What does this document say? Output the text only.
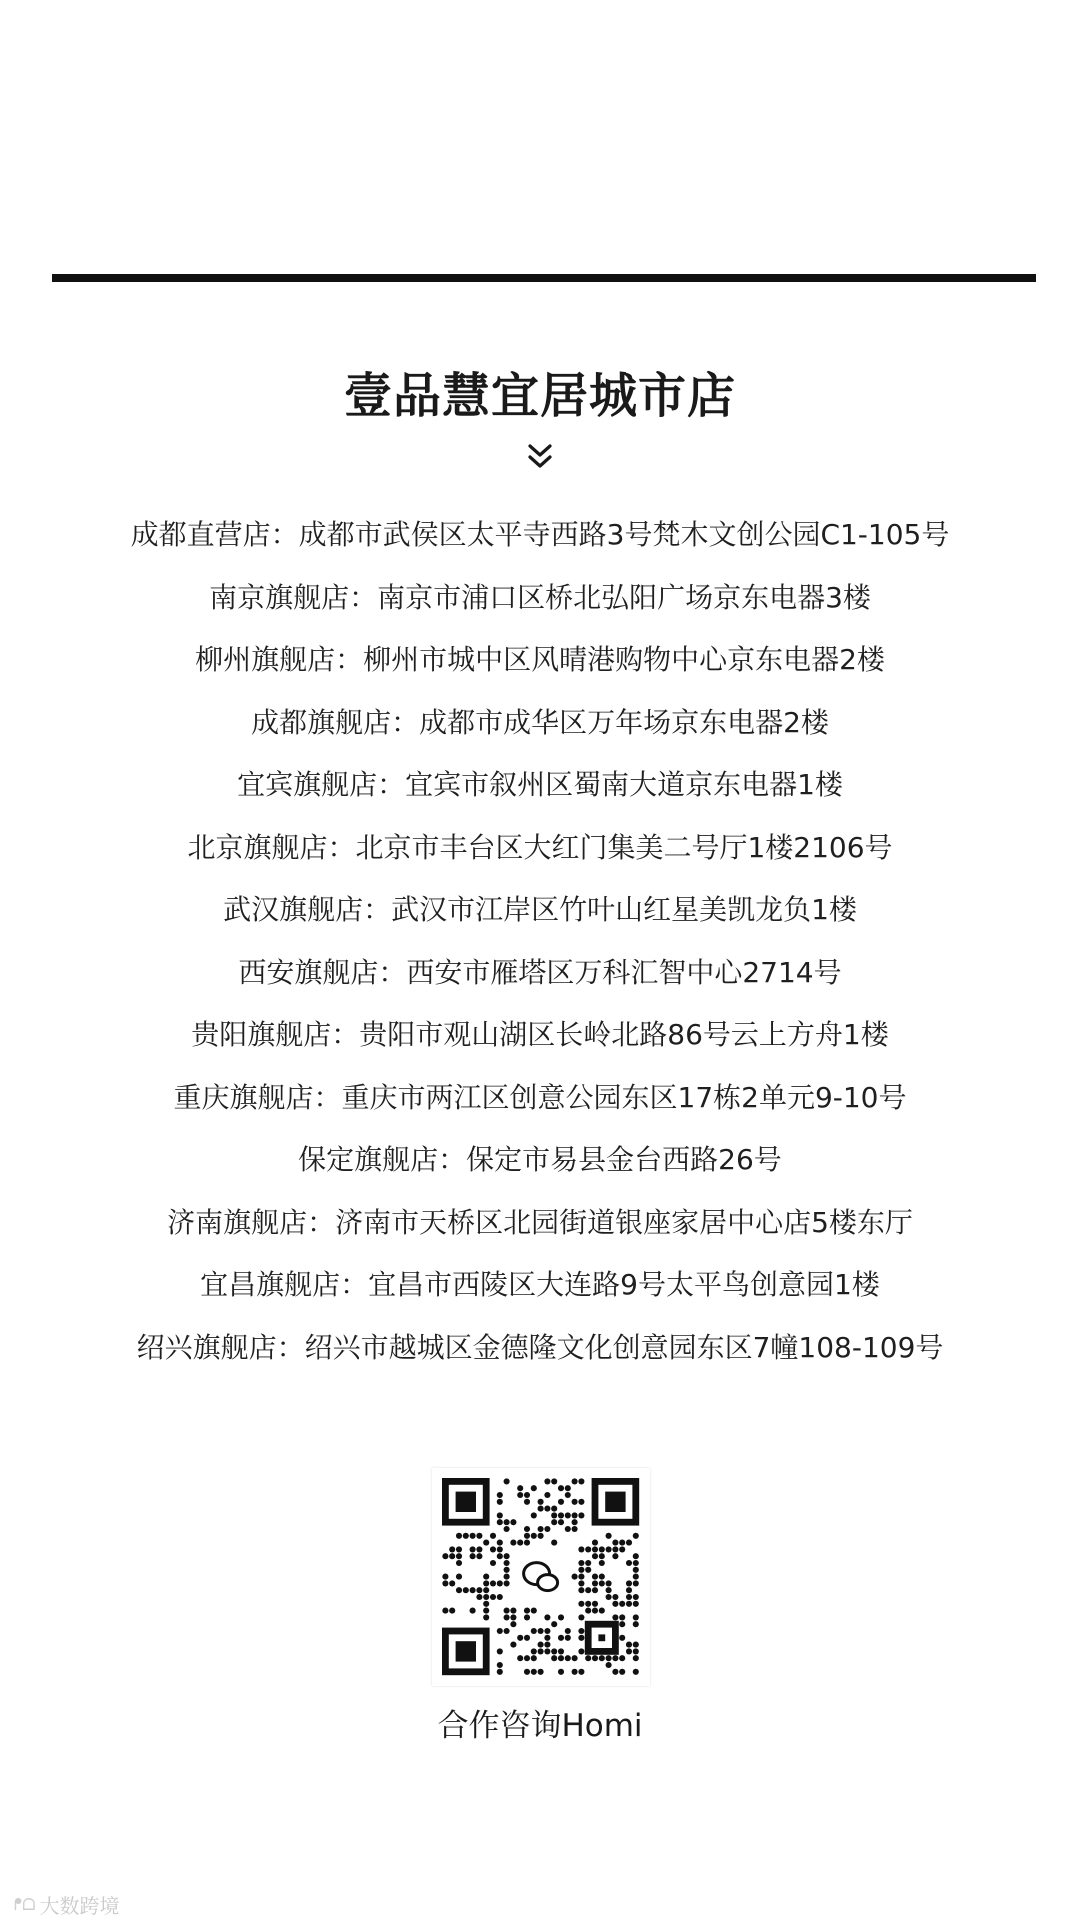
壹品慧宜居城市店
成都直营店：成都市武侯区太平寺西路3号梵木文创公园C1-105号
南京旗舰店：南京市浦口区桥北弘阳广场京东电器3楼
柳州旗舰店：柳州市城中区风晴港购物中心京东电器2楼
成都旗舰店：成都市成华区万年场京东电器2楼
宜宾旗舰店：宜宾市叙州区蜀南大道京东电器1楼
北京旗舰店：北京市丰台区大红门集美二号厅1楼2106号
武汉旗舰店：武汉市江岸区竹叶山红星美凯龙负1楼
西安旗舰店：西安市雁塔区万科汇智中心2714号
贵阳旗舰店：贵阳市观山湖区长岭北路86号云上方舟1楼
重庆旗舰店：重庆市两江区创意公园东区17栋2单元9-10号
保定旗舰店：保定市易县金台西路26号
济南旗舰店：济南市天桥区北园街道银座家居中心店5楼东厅
宜昌旗舰店：宜昌市西陵区大连路9号太平鸟创意园1楼
绍兴旗舰店：绍兴市越城区金德隆文化创意园东区7幢108-109号
合作咨询Homi
ᖰᗝ 大数跨境
